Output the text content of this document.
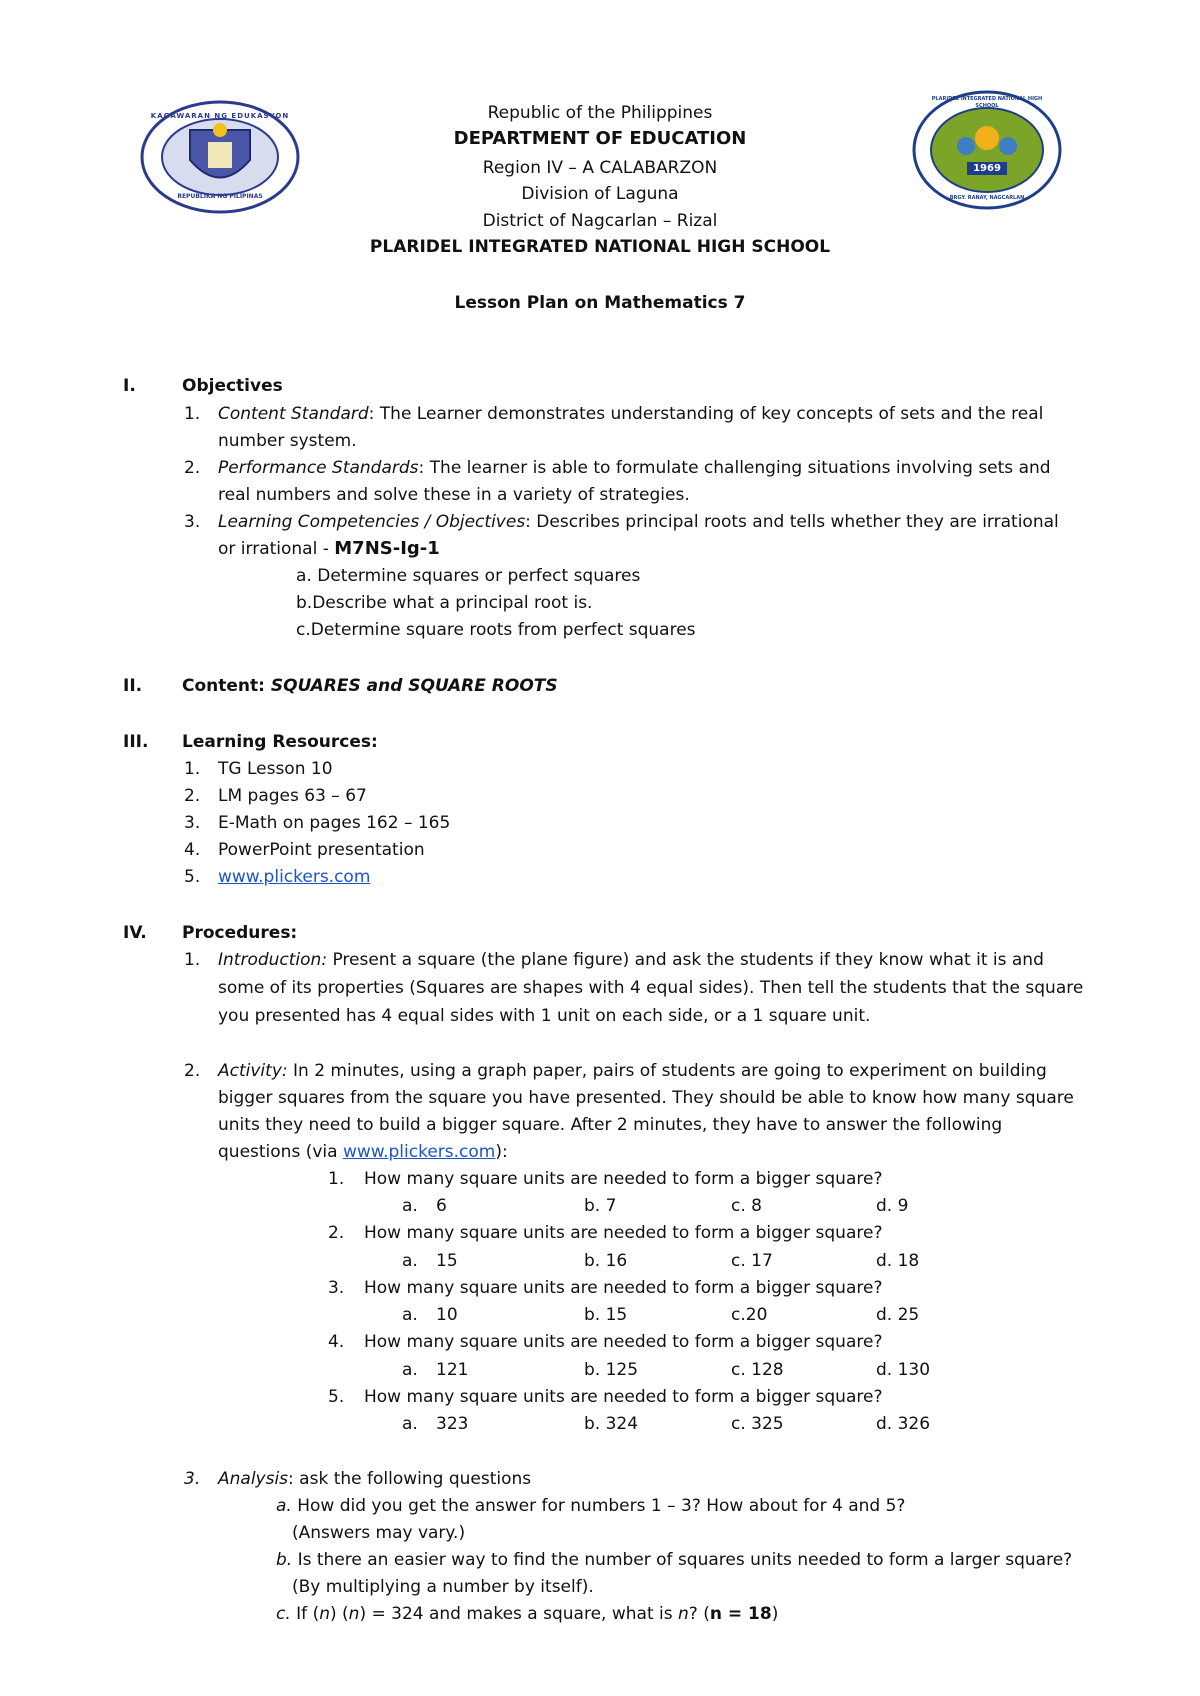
KAGAWARAN NG EDUKASYON
REPUBLIKA NG PILIPINAS
1969
PLARIDEL INTEGRATED NATIONAL HIGH SCHOOL
BRGY. RANAY, NAGCARLAN
Republic of the Philippines
DEPARTMENT OF EDUCATION
Region IV – A CALABARZON
Division of Laguna
District of Nagcarlan – Rizal
PLARIDEL INTEGRATED NATIONAL HIGH SCHOOL
Lesson Plan on Mathematics 7
I.	Objectives
1. Content Standard: The Learner demonstrates understanding of key concepts of sets and the real
number system.
2. Performance Standards: The learner is able to formulate challenging situations involving sets and
real numbers and solve these in a variety of strategies.
3. Learning Competencies / Objectives: Describes principal roots and tells whether they are irrational
or irrational - M7NS-Ig-1
a. Determine squares or perfect squares
b.Describe what a principal root is.
c.Determine square roots from perfect squares
II. Content: SQUARES and SQUARE ROOTS
III. Learning Resources:
1. TG Lesson 10
2. LM pages 63 – 67
3. E-Math on pages 162 – 165
4. PowerPoint presentation
5. www.plickers.com
IV. Procedures:
1. Introduction: Present a square (the plane figure) and ask the students if they know what it is and
some of its properties (Squares are shapes with 4 equal sides). Then tell the students that the square
you presented has 4 equal sides with 1 unit on each side, or a 1 square unit.
2. Activity: In 2 minutes, using a graph paper, pairs of students are going to experiment on building
bigger squares from the square you have presented. They should be able to know how many square
units they need to build a bigger square. After 2 minutes, they have to answer the following
questions (via www.plickers.com):
1. How many square units are needed to form a bigger square?
a. 6	b. 7	c. 8	d. 9
2. How many square units are needed to form a bigger square?
a. 15	b. 16	c. 17	d. 18
3. How many square units are needed to form a bigger square?
a. 10	b. 15	c.20	d. 25
4. How many square units are needed to form a bigger square?
a. 121	b. 125	c. 128	d. 130
5. How many square units are needed to form a bigger square?
a. 323	b. 324	c. 325	d. 326
3. Analysis: ask the following questions
a. How did you get the answer for numbers 1 – 3? How about for 4 and 5?
(Answers may vary.)
b. Is there an easier way to find the number of squares units needed to form a larger square?
(By multiplying a number by itself).
c. If (n) (n) = 324 and makes a square, what is n? (n = 18)
